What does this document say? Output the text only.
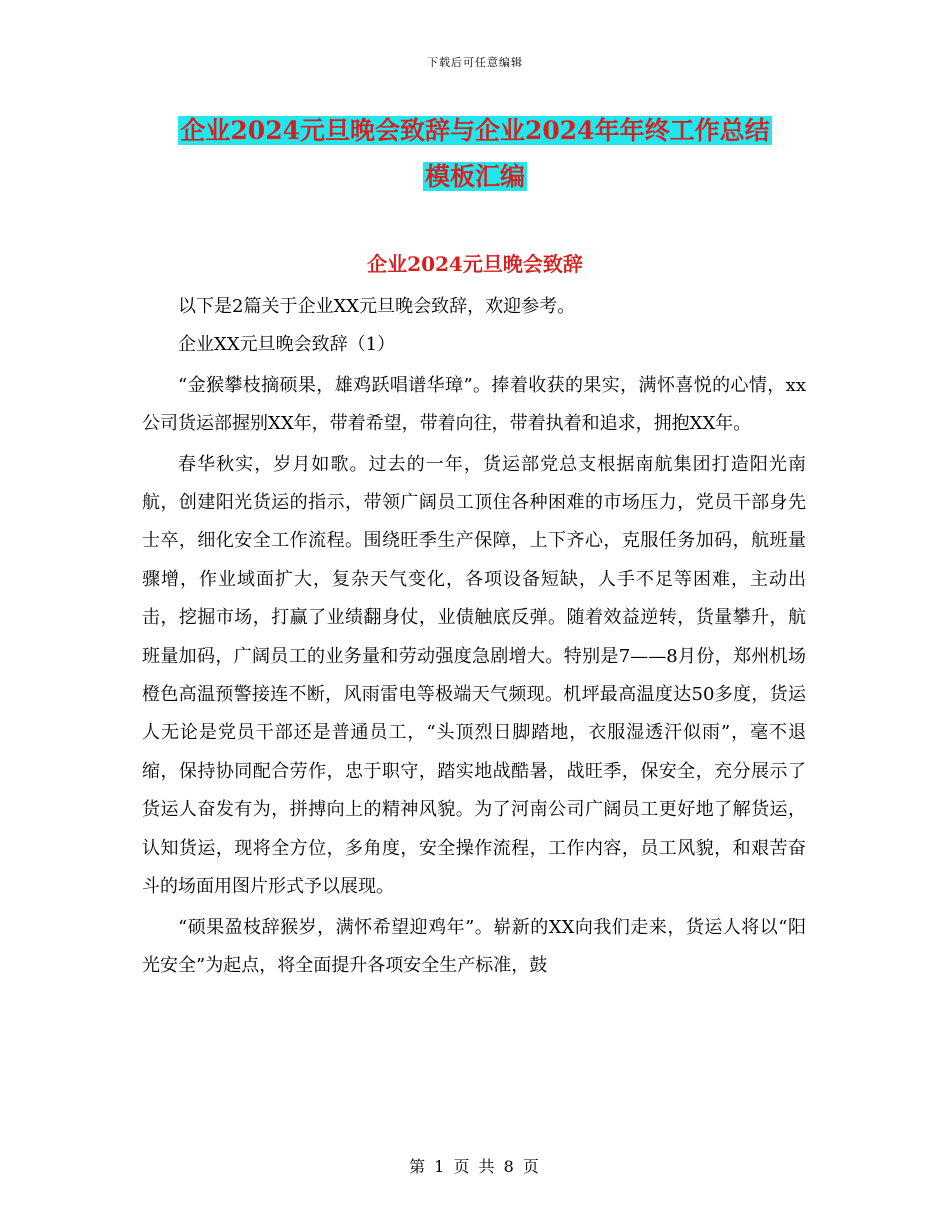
下载后可任意编辑
企业2024元旦晚会致辞与企业2024年年终工作总结
模板汇编
企业2024元旦晚会致辞

以下是2篇关于企业XX元旦晚会致辞，欢迎参考。

企业XX元旦晚会致辞（1）

“金猴攀枝摘硕果，雄鸡跃唱谱华璋”。捧着收获的果实，满怀喜悦的心情，xx公司货运部握别XX年，带着希望，带着向往，带着执着和追求，拥抱XX年。

春华秋实，岁月如歌。过去的一年，货运部党总支根据南航集团打造阳光南航，创建阳光货运的指示，带领广阔员工顶住各种困难的市场压力，党员干部身先士卒，细化安全工作流程。围绕旺季生产保障，上下齐心，克服任务加码，航班量骤增，作业域面扩大，复杂天气变化，各项设备短缺，人手不足等困难，主动出击，挖掘市场，打赢了业绩翻身仗，业债触底反弹。随着效益逆转，货量攀升，航班量加码，广阔员工的业务量和劳动强度急剧增大。特别是7——8月份，郑州机场橙色高温预警接连不断，风雨雷电等极端天气频现。机坪最高温度达50多度，货运人无论是党员干部还是普通员工，“头顶烈日脚踏地，衣服湿透汗似雨”，毫不退缩，保持协同配合劳作，忠于职守，踏实地战酷暑，战旺季，保安全，充分展示了货运人奋发有为，拼搏向上的精神风貌。为了河南公司广阔员工更好地了解货运，认知货运，现将全方位，多角度，安全操作流程，工作内容，员工风貌，和艰苦奋斗的场面用图片形式予以展现。

“硕果盈枝辞猴岁，满怀希望迎鸡年”。崭新的XX向我们走来，货运人将以“阳光安全”为起点，将全面提升各项安全生产标准，鼓

第 1 页 共 8 页
